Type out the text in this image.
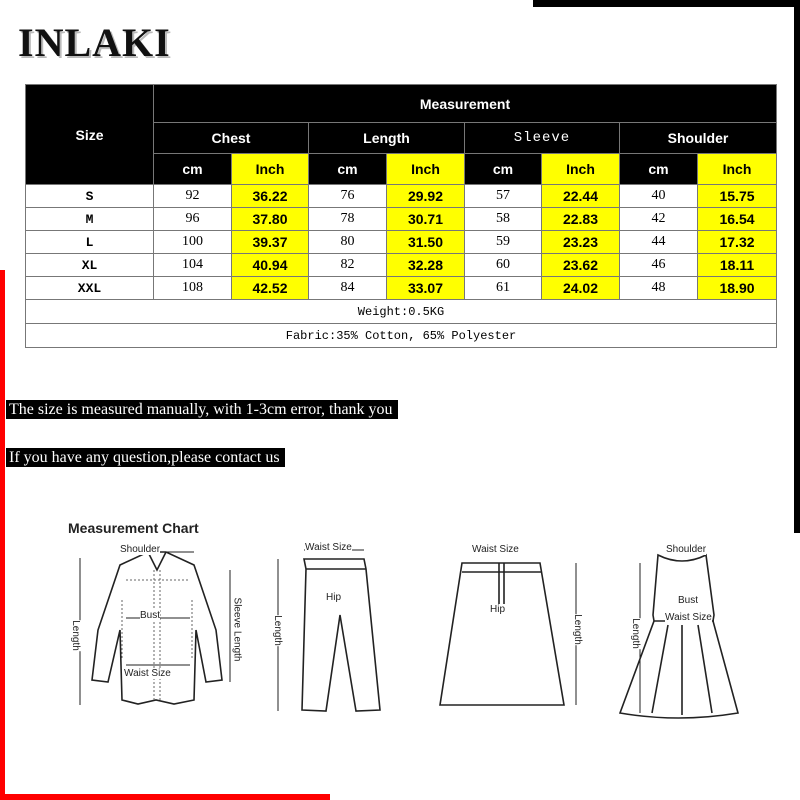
INLAKI
Size	Measurement							
	Chest		Length		Sleeve		Shoulder	
	cm	Inch	cm	Inch	cm	Inch	cm	Inch
S	92	36.22	76	29.92	57	22.44	40	15.75
M	96	37.80	78	30.71	58	22.83	42	16.54
L	100	39.37	80	31.50	59	23.23	44	17.32
XL	104	40.94	82	32.28	60	23.62	46	18.11
XXL	108	42.52	84	33.07	61	24.02	48	18.90
Weight:0.5KG								
Fabric:35% Cotton, 65% Polyester								
The size is measured manually, with 1-3cm error, thank you
If you have any question,please contact us
Measurement Chart
Shoulder
Bust
Waist Size
Length	Sleeve Length
Waist Size
Hip
Length
Waist Size
Hip
Length
Shoulder
Bust
Waist Size
Length
